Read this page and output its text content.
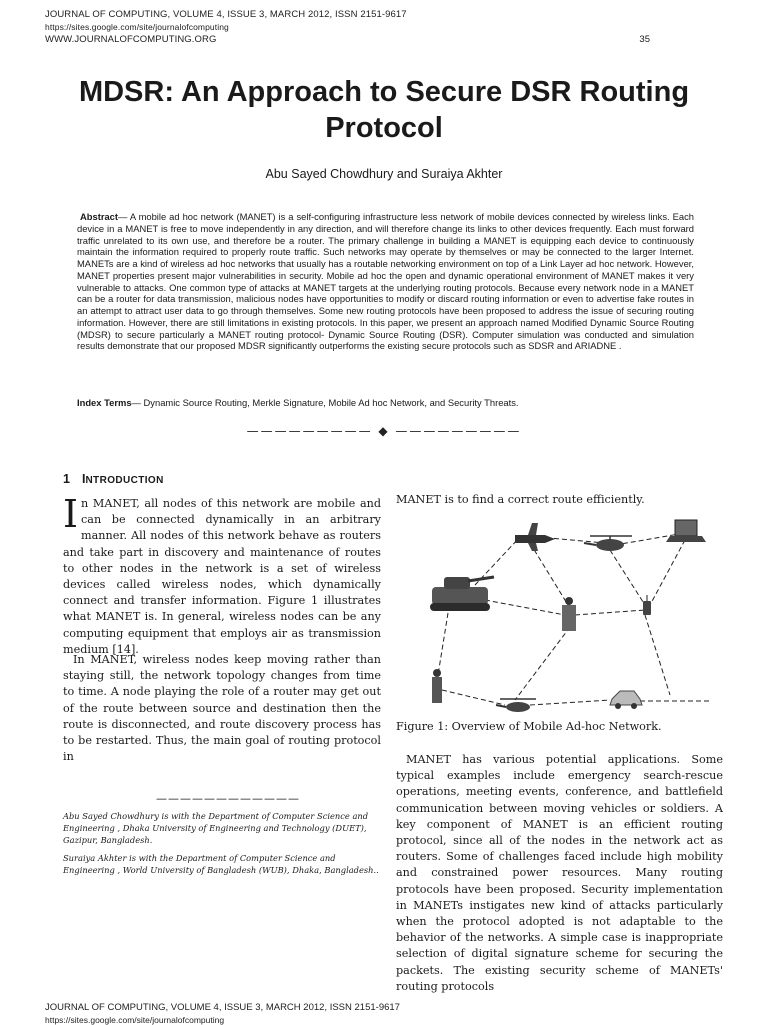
JOURNAL OF COMPUTING, VOLUME 4, ISSUE 3, MARCH 2012, ISSN 2151-9617
https://sites.google.com/site/journalofcomputing
WWW.JOURNALOFCOMPUTING.ORG	35
MDSR: An Approach to Secure DSR Routing Protocol
Abu Sayed Chowdhury and Suraiya Akhter

Abstract— A mobile ad hoc network (MANET) is a self-configuring infrastructure less network of mobile devices connected by wireless links. Each device in a MANET is free to move independently in any direction, and will therefore change its links to other devices frequently. Each must forward traffic unrelated to its own use, and therefore be a router. The primary challenge in building a MANET is equipping each device to continuously maintain the information required to properly route traffic. Such networks may operate by themselves or may be connected to the larger Internet. MANETs are a kind of wireless ad hoc networks that usually has a routable networking environment on top of a Link Layer ad hoc network. However, MANET properties present major vulnerabilities in security. Mobile ad hoc the open and dynamic operational environment of MANET makes it very vulnerable to attacks. One common type of attacks at MANET targets at the underlying routing protocols. Because every network node in a MANET can be a router for data transmission, malicious nodes have opportunities to modify or discard routing information or even to advertise fake routes in an attempt to attract user data to go through themselves. Some new routing protocols have been proposed to address the issue of securing routing information. However, there are still limitations in existing protocols. In this paper, we present an approach named Modified Dynamic Source Routing (MDSR) to secure particularly a MANET routing protocol- Dynamic Source Routing (DSR). Computer simulation was conducted and simulation results demonstrate that our proposed MDSR significantly outperforms the existing secure protocols such as SDSR and ARIADNE .

Index Terms— Dynamic Source Routing, Merkle Signature, Mobile Ad hoc Network, and Security Threats.

————————— ◆ —————————
1 INTRODUCTION
In MANET, all nodes of this network are mobile and can be connected dynamically in an arbitrary manner. All nodes of this network behave as routers and take part in discovery and maintenance of routes to other nodes in the network is a set of wireless devices called wireless nodes, which dynamically connect and transfer information. Figure 1 illustrates what MANET is. In general, wireless nodes can be any computing equipment that employs air as transmission medium [14].
In MANET, wireless nodes keep moving rather than staying still, the network topology changes from time to time. A node playing the role of a router may get out of the route between source and destination then the route is disconnected, and route discovery process has to be restarted. Thus, the main goal of routing protocol in
————————————
Abu Sayed Chowdhury is with the Department of Computer Science and Engineering , Dhaka University of Engineering and Technology (DUET), Gazipur, Bangladesh.
Suraiya Akhter is with the Department of Computer Science and Engineering , World University of Bangladesh (WUB), Dhaka, Bangladesh..
MANET is to find a correct route efficiently.
Figure 1: Overview of Mobile Ad-hoc Network.
MANET has various potential applications. Some typical examples include emergency search-rescue operations, meeting events, conference, and battlefield communication between moving vehicles or soldiers. A key component of MANET is an efficient routing protocol, since all of the nodes in the network act as routers. Some of challenges faced include high mobility and constrained power resources. Many routing protocols have been proposed. Security implementation in MANETs instigates new kind of attacks particularly when the protocol adopted is not adaptable to the behavior of the networks. A simple case is inappropriate selection of digital signature scheme for securing the packets. The existing security scheme of MANETs' routing protocols
JOURNAL OF COMPUTING, VOLUME 4, ISSUE 3, MARCH 2012, ISSN 2151-9617
https://sites.google.com/site/journalofcomputing
